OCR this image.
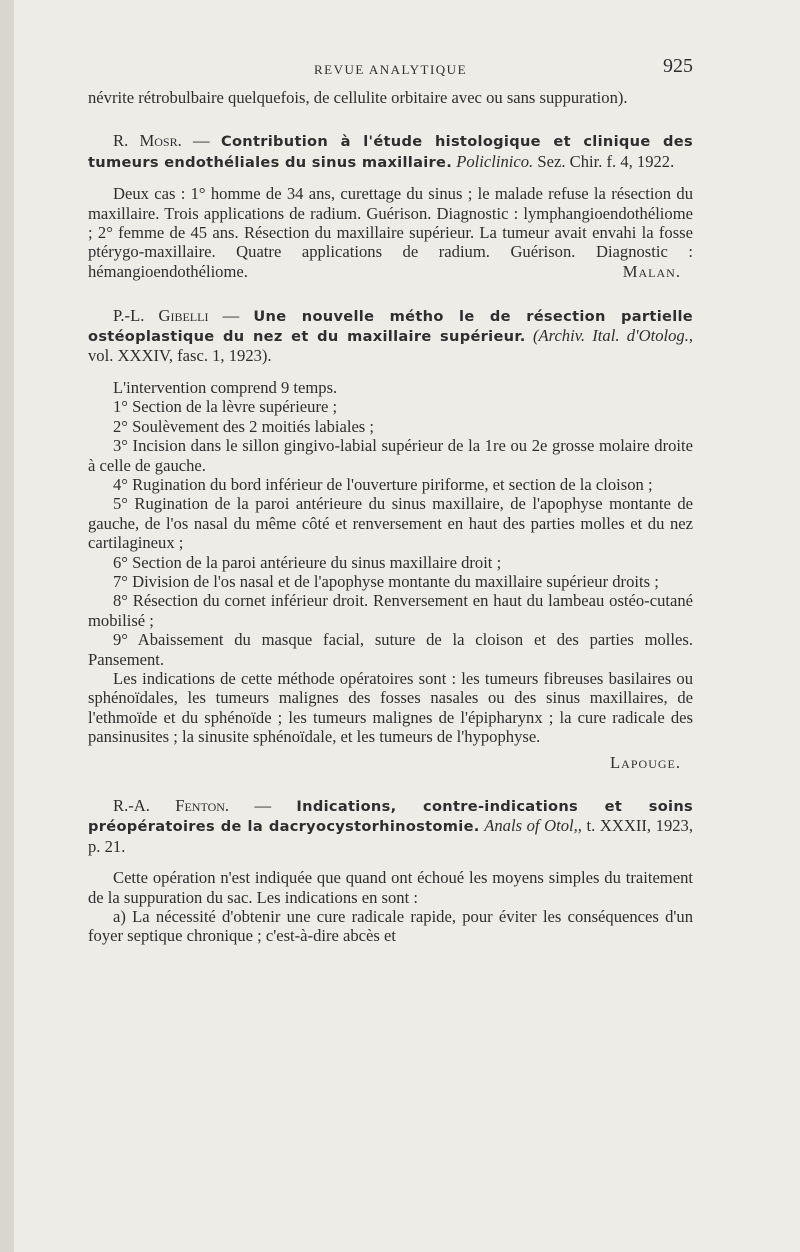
REVUE ANALYTIQUE	925

névrite rétrobulbaire quelquefois, de cellulite orbitaire avec ou sans suppuration).

R. Mosr. — Contribution à l'étude histologique et clinique des tumeurs endothéliales du sinus maxillaire. Policlinico. Sez. Chir. f. 4, 1922.

Deux cas : 1° homme de 34 ans, curettage du sinus ; le malade refuse la résection du maxillaire. Trois applications de radium. Guérison. Diagnostic : lymphangioendothéliome ; 2° femme de 45 ans. Résection du maxillaire supérieur. La tumeur avait envahi la fosse ptérygo-maxillaire. Quatre applications de radium. Guérison. Diagnostic : hémangioendothéliome.	Malan.

P.-L. Gibelli — Une nouvelle métho le de résection partielle ostéoplastique du nez et du maxillaire supérieur. (Archiv. Ital. d'Otolog., vol. XXXIV, fasc. 1, 1923).

L'intervention comprend 9 temps.

1° Section de la lèvre supérieure ;

2° Soulèvement des 2 moitiés labiales ;

3° Incision dans le sillon gingivo-labial supérieur de la 1re ou 2e grosse molaire droite à celle de gauche.

4° Rugination du bord inférieur de l'ouverture piriforme, et section de la cloison ;

5° Rugination de la paroi antérieure du sinus maxillaire, de l'apophyse montante de gauche, de l'os nasal du même côté et renversement en haut des parties molles et du nez cartilagineux ;

6° Section de la paroi antérieure du sinus maxillaire droit ;

7° Division de l'os nasal et de l'apophyse montante du maxillaire supérieur droits ;

8° Résection du cornet inférieur droit. Renversement en haut du lambeau ostéo-cutané mobilisé ;

9° Abaissement du masque facial, suture de la cloison et des parties molles. Pansement.

Les indications de cette méthode opératoires sont : les tumeurs fibreuses basilaires ou sphénoïdales, les tumeurs malignes des fosses nasales ou des sinus maxillaires, de l'ethmoïde et du sphénoïde ; les tumeurs malignes de l'épipharynx ; la cure radicale des pansinusites ; la sinusite sphénoïdale, et les tumeurs de l'hypophyse.

Lapouge.

R.-A. Fenton. — Indications, contre-indications et soins préopératoires de la dacryocystorhinostomie. Anals of Otol,, t. XXXII, 1923, p. 21.

Cette opération n'est indiquée que quand ont échoué les moyens simples du traitement de la suppuration du sac. Les indications en sont :

a) La nécessité d'obtenir une cure radicale rapide, pour éviter les conséquences d'un foyer septique chronique ; c'est-à-dire abcès et
